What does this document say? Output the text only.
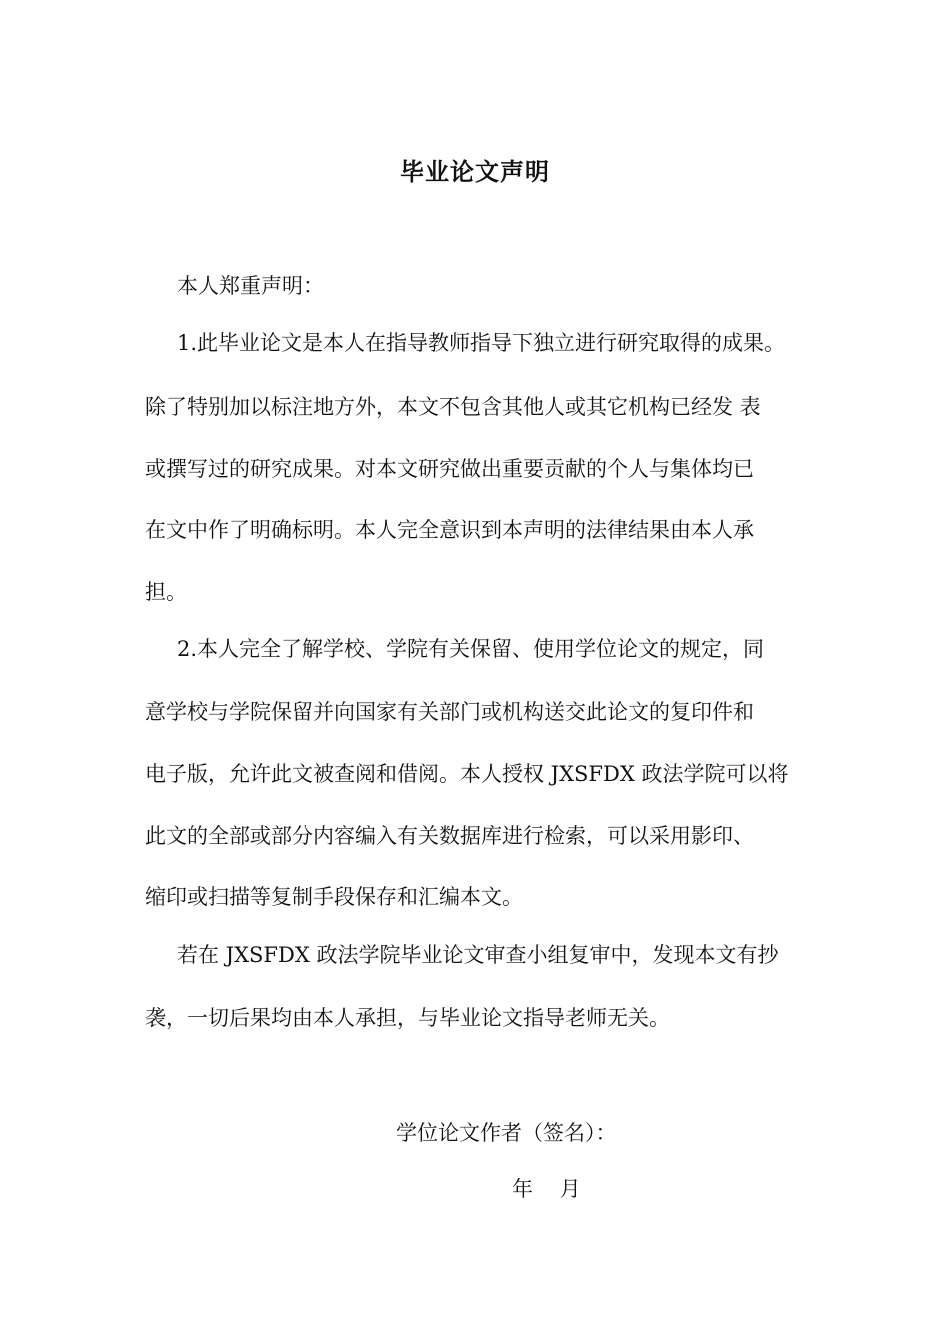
毕业论文声明
本人郑重声明：
1.此毕业论文是本人在指导教师指导下独立进行研究取得的成果。
除了特别加以标注地方外，本文不包含其他人或其它机构已经发 表
或撰写过的研究成果。对本文研究做出重要贡献的个人与集体均已
在文中作了明确标明。本人完全意识到本声明的法律结果由本人承
担。
2.本人完全了解学校、学院有关保留、使用学位论文的规定，同
意学校与学院保留并向国家有关部门或机构送交此论文的复印件和
电子版，允许此文被查阅和借阅。本人授权 JXSFDX 政法学院可以将
此文的全部或部分内容编入有关数据库进行检索，可以采用影印、
缩印或扫描等复制手段保存和汇编本文。
若在 JXSFDX 政法学院毕业论文审查小组复审中，发现本文有抄
袭，一切后果均由本人承担，与毕业论文指导老师无关。
学位论文作者（签名）：
年    月
